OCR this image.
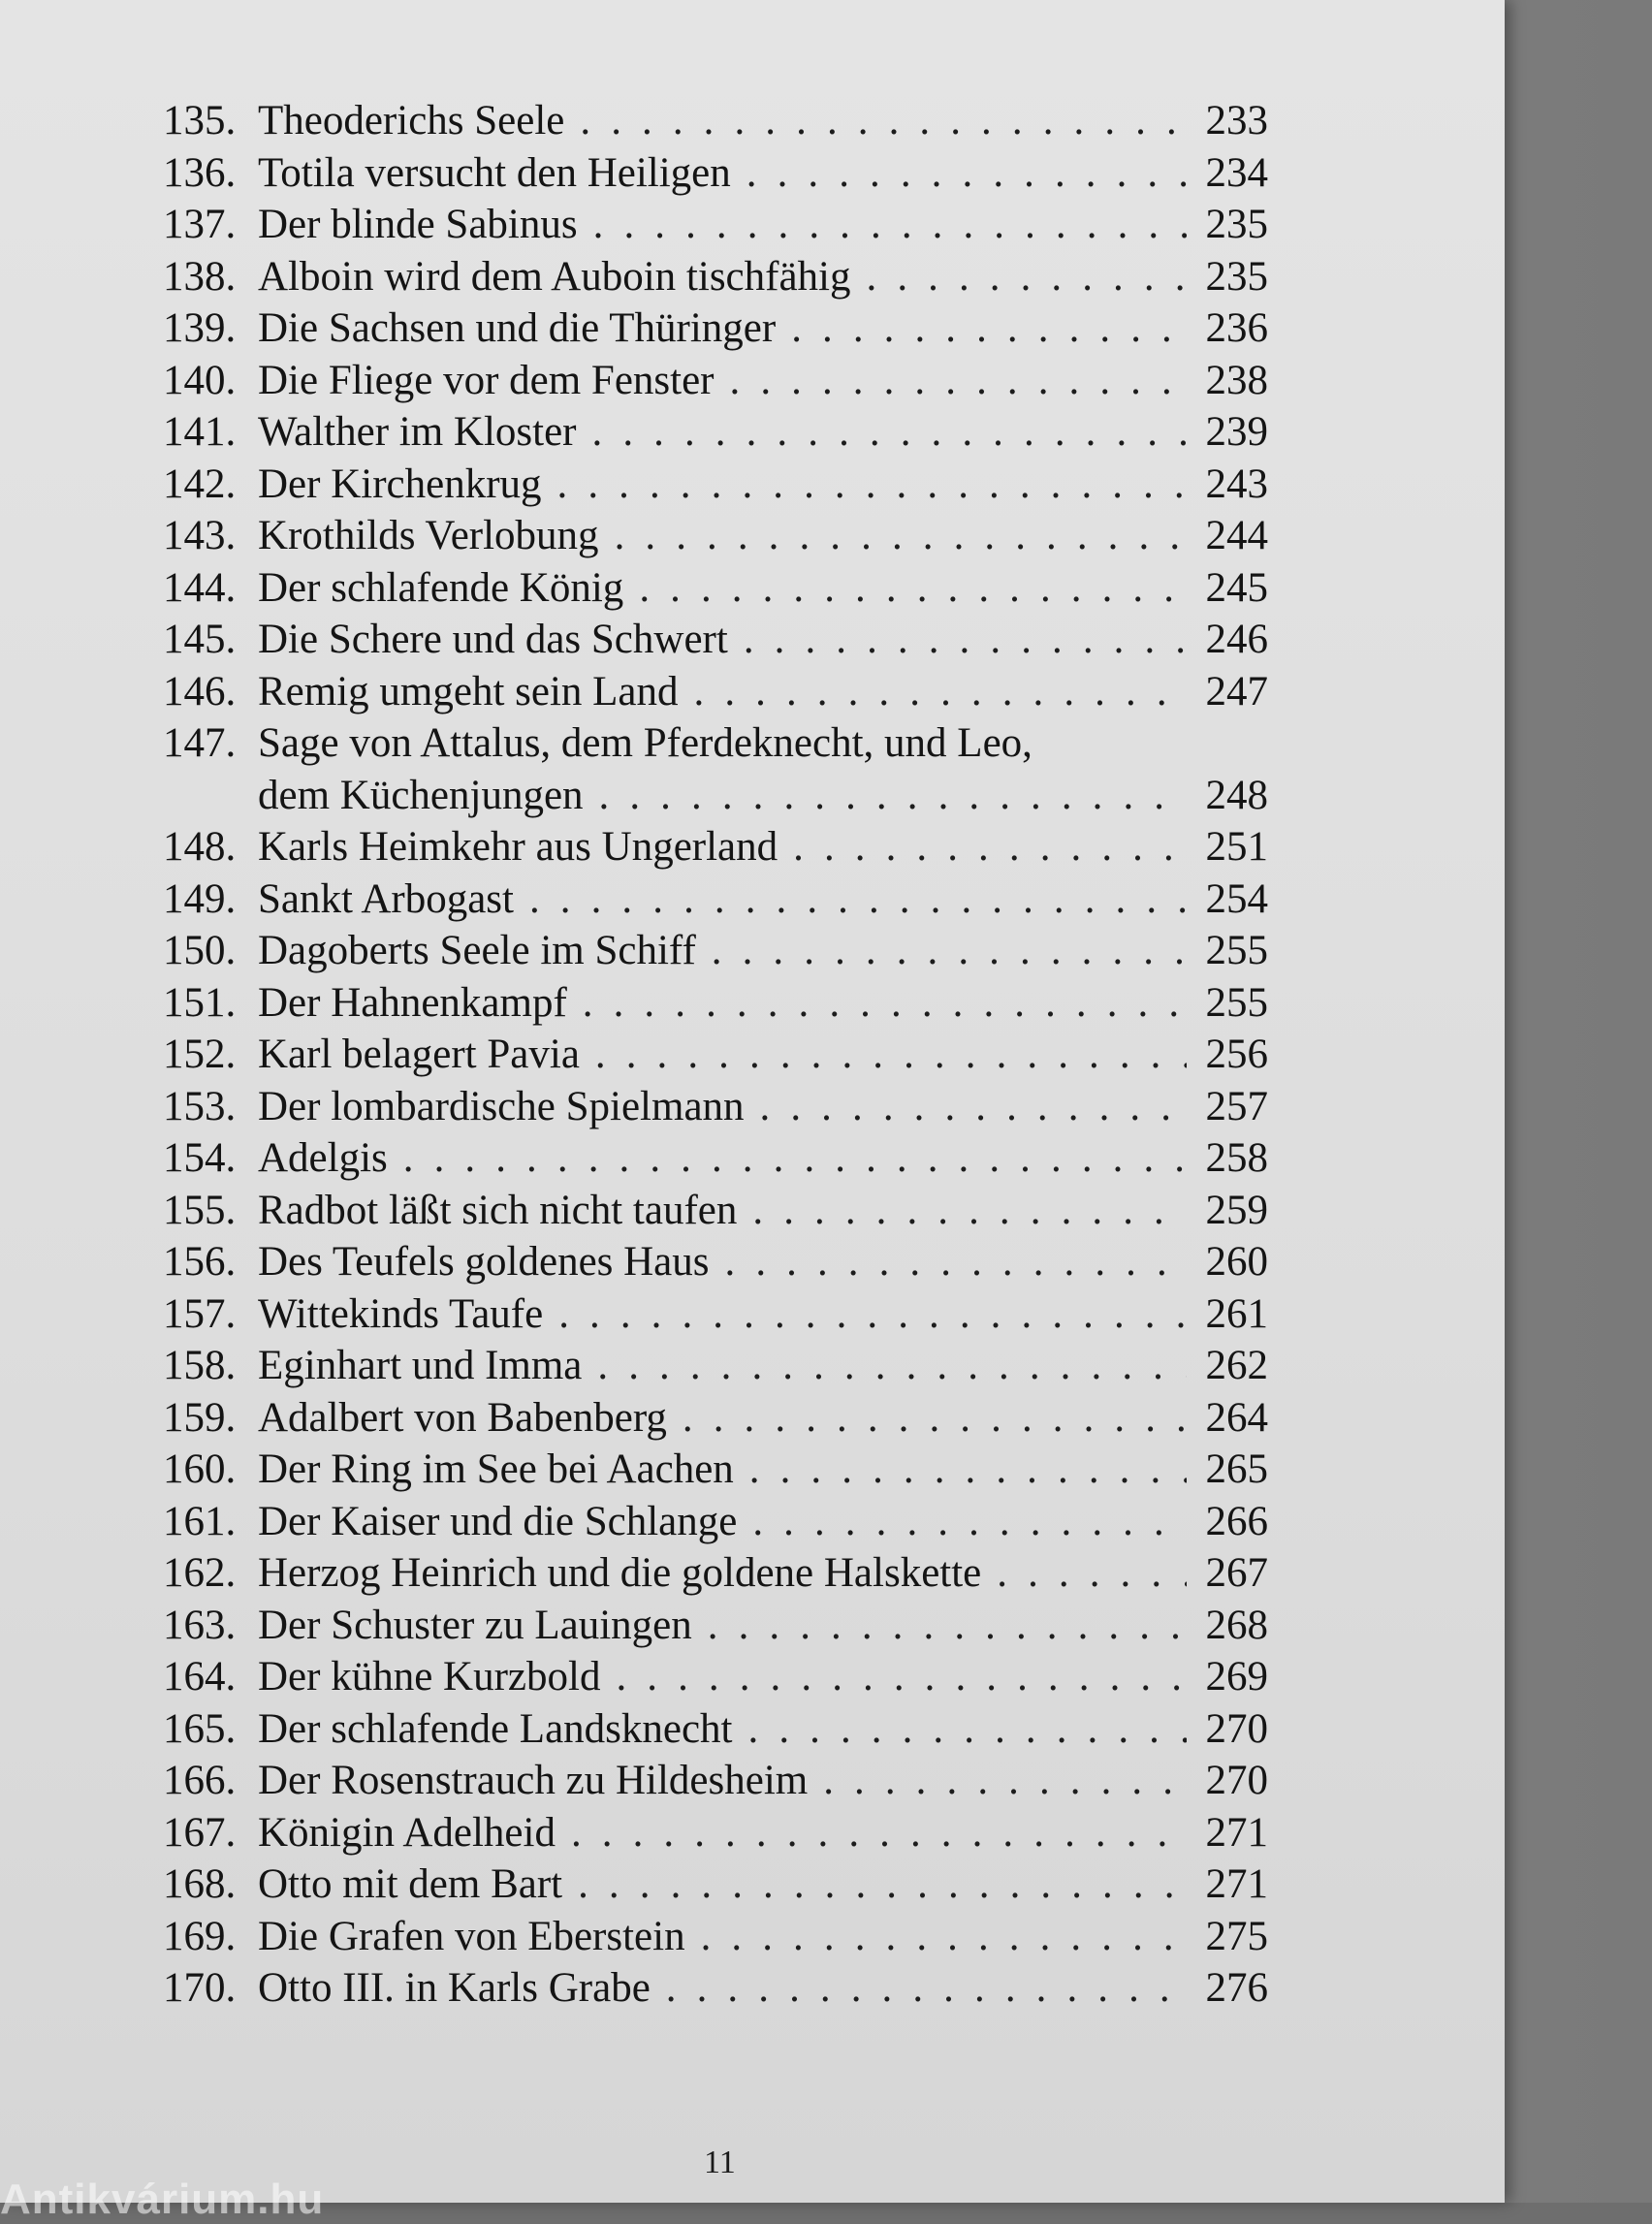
135. Theoderichs Seele . . .	233
136. Totila versucht den Heiligen . . .	234
137. Der blinde Sabinus . . .	235
138. Alboin wird dem Auboin tischfähig . . .	235
139. Die Sachsen und die Thüringer . . .	236
140. Die Fliege vor dem Fenster . . .	238
141. Walther im Kloster . . .	239
142. Der Kirchenkrug . . .	243
143. Krothilds Verlobung . . .	244
144. Der schlafende König . . .	245
145. Die Schere und das Schwert . . .	246
146. Remig umgeht sein Land . . .	247
147. Sage von Attalus, dem Pferdeknecht, und Leo,
dem Küchenjungen . . .	248
148. Karls Heimkehr aus Ungerland . . .	251
149. Sankt Arbogast . . .	254
150. Dagoberts Seele im Schiff . . .	255
151. Der Hahnenkampf . . .	255
152. Karl belagert Pavia . . .	256
153. Der lombardische Spielmann . . .	257
154. Adelgis . . .	258
155. Radbot läßt sich nicht taufen . . .	259
156. Des Teufels goldenes Haus . . .	260
157. Wittekinds Taufe . . .	261
158. Eginhart und Imma . . .	262
159. Adalbert von Babenberg . . .	264
160. Der Ring im See bei Aachen . . .	265
161. Der Kaiser und die Schlange . . .	266
162. Herzog Heinrich und die goldene Halskette . . .	267
163. Der Schuster zu Lauingen . . .	268
164. Der kühne Kurzbold . . .	269
165. Der schlafende Landsknecht . . .	270
166. Der Rosenstrauch zu Hildesheim . . .	270
167. Königin Adelheid . . .	271
168. Otto mit dem Bart . . .	271
169. Die Grafen von Eberstein . . .	275
170. Otto III. in Karls Grabe . . .	276
11
Antikvárium.hu
